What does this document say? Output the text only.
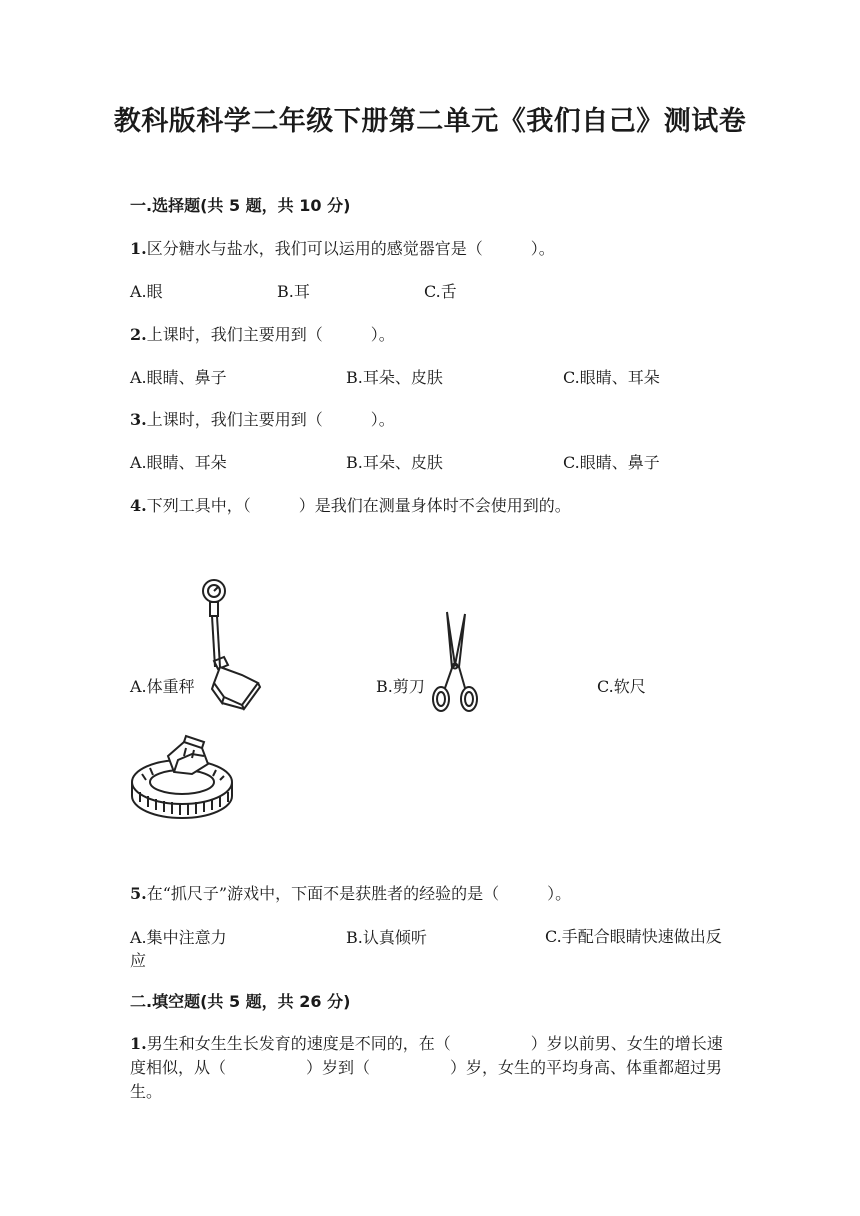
教科版科学二年级下册第二单元《我们自己》测试卷
一.选择题(共 5 题，共 10 分)
1.区分糖水与盐水，我们可以运用的感觉器官是（　　　）。
A.眼	B.耳	C.舌
2.上课时，我们主要用到（　　　）。
A.眼睛、鼻子	B.耳朵、皮肤	C.眼睛、耳朵
3.上课时，我们主要用到（　　　）。
A.眼睛、耳朵	B.耳朵、皮肤	C.眼睛、鼻子
4.下列工具中，（　　　）是我们在测量身体时不会使用到的。
A.体重秤	B.剪刀	C.软尺
5.在“抓尺子”游戏中，下面不是获胜者的经验的是（　　　）。
A.集中注意力	B.认真倾听	C.手配合眼睛快速做出反应
二.填空题(共 5 题，共 26 分)
1.男生和女生生长发育的速度是不同的，在（　　　　　）岁以前男、女生的增长速度相似，从（　　　　　）岁到（　　　　　）岁，女生的平均身高、体重都超过男生。
